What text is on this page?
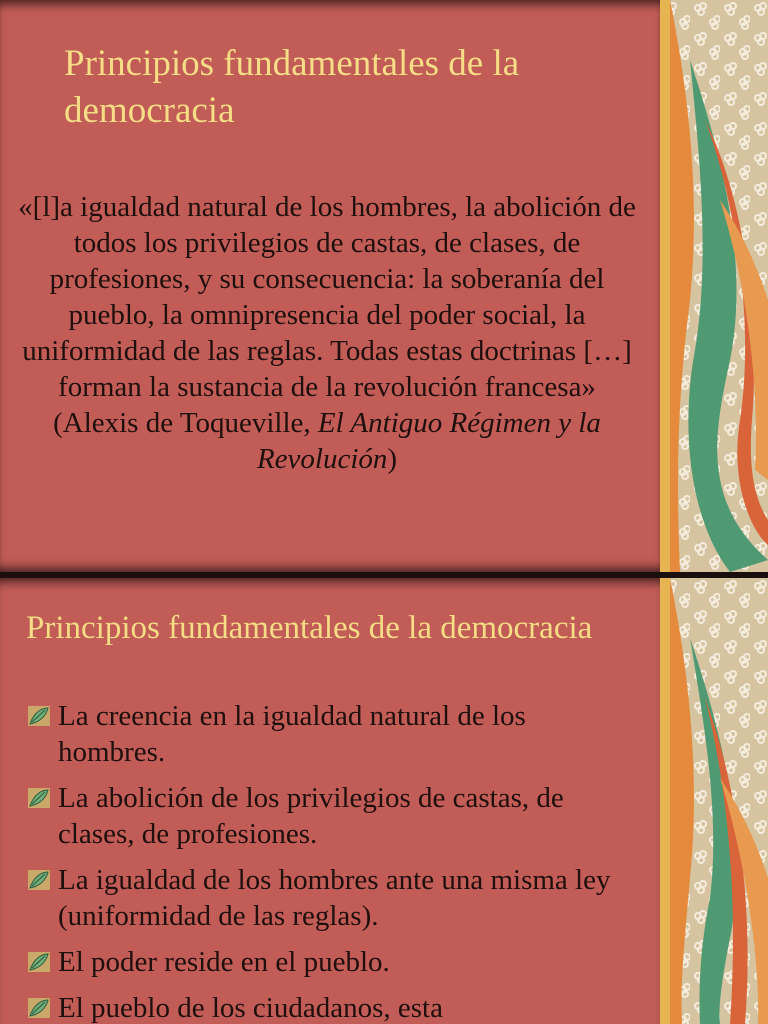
Principios fundamentales de la democracia
«[l]a igualdad natural de los hombres, la abolición de todos los privilegios de castas, de clases, de profesiones, y su consecuencia: la soberanía del pueblo, la omnipresencia del poder social, la uniformidad de las reglas. Todas estas doctrinas […] forman la sustancia de la revolución francesa» (Alexis de Toqueville, El Antiguo Régimen y la Revolución)
Principios fundamentales de la democracia
La creencia en la igualdad natural de los hombres.
La abolición de los privilegios de castas, de clases, de profesiones.
La igualdad de los hombres ante una misma ley (uniformidad de las reglas).
El poder reside en el pueblo.
El pueblo de los ciudadanos, esta
